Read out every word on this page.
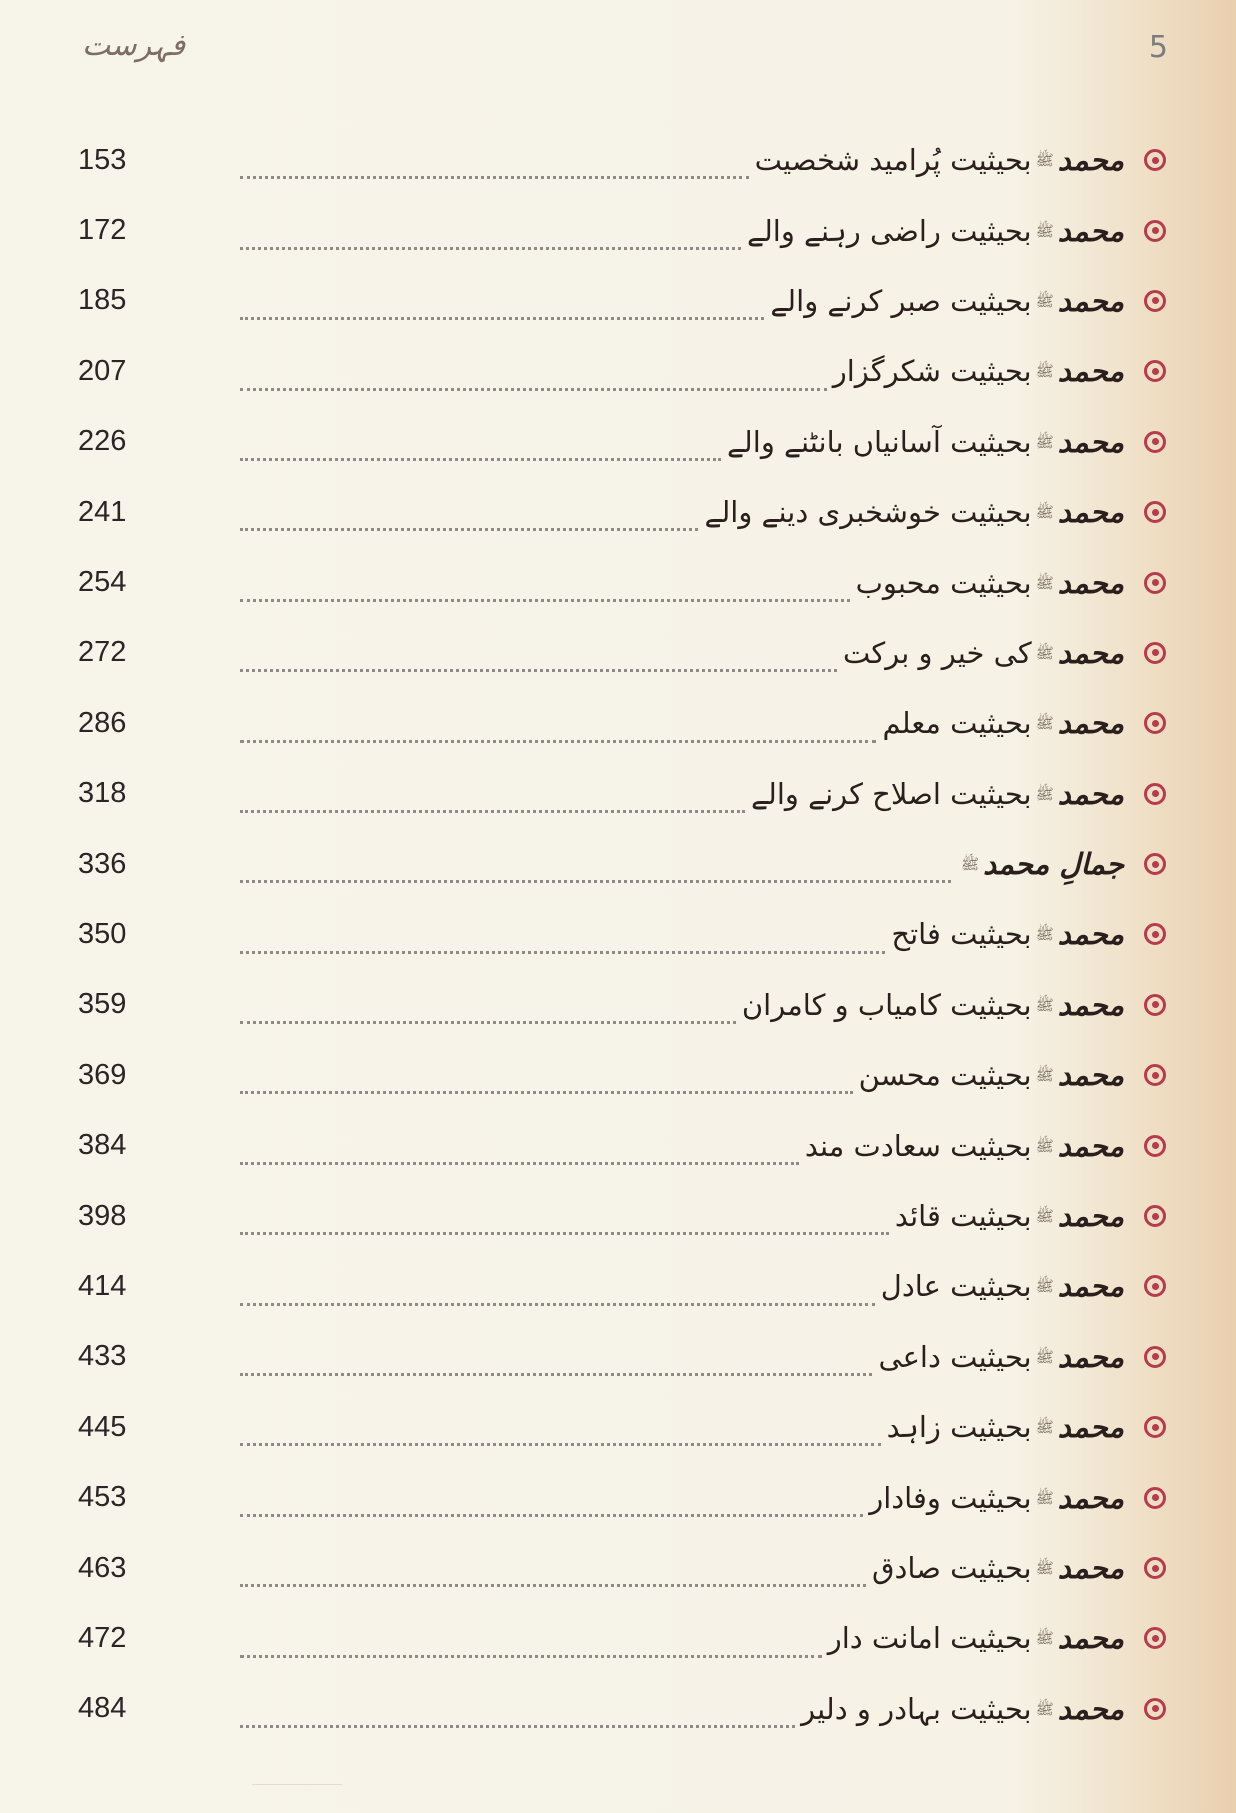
5
فہرست
153	محمدﷺبحیثیت پُرامید شخصیت
172	محمدﷺبحیثیت راضی رہنے والے
185	محمدﷺبحیثیت صبر کرنے والے
207	محمدﷺبحیثیت شکرگزار
226	محمدﷺبحیثیت آسانیاں بانٹنے والے
241	محمدﷺبحیثیت خوشخبری دینے والے
254	محمدﷺبحیثیت محبوب
272	محمدﷺکی خیر و برکت
286	محمدﷺبحیثیت معلم
318	محمدﷺبحیثیت اصلاح کرنے والے
336	جمالِ محمدﷺ
350	محمدﷺبحیثیت فاتح
359	محمدﷺبحیثیت کامیاب و کامران
369	محمدﷺبحیثیت محسن
384	محمدﷺبحیثیت سعادت مند
398	محمدﷺبحیثیت قائد
414	محمدﷺبحیثیت عادل
433	محمدﷺبحیثیت داعی
445	محمدﷺبحیثیت زاہد
453	محمدﷺبحیثیت وفادار
463	محمدﷺبحیثیت صادق
472	محمدﷺبحیثیت امانت دار
484	محمدﷺبحیثیت بہادر و دلیر
